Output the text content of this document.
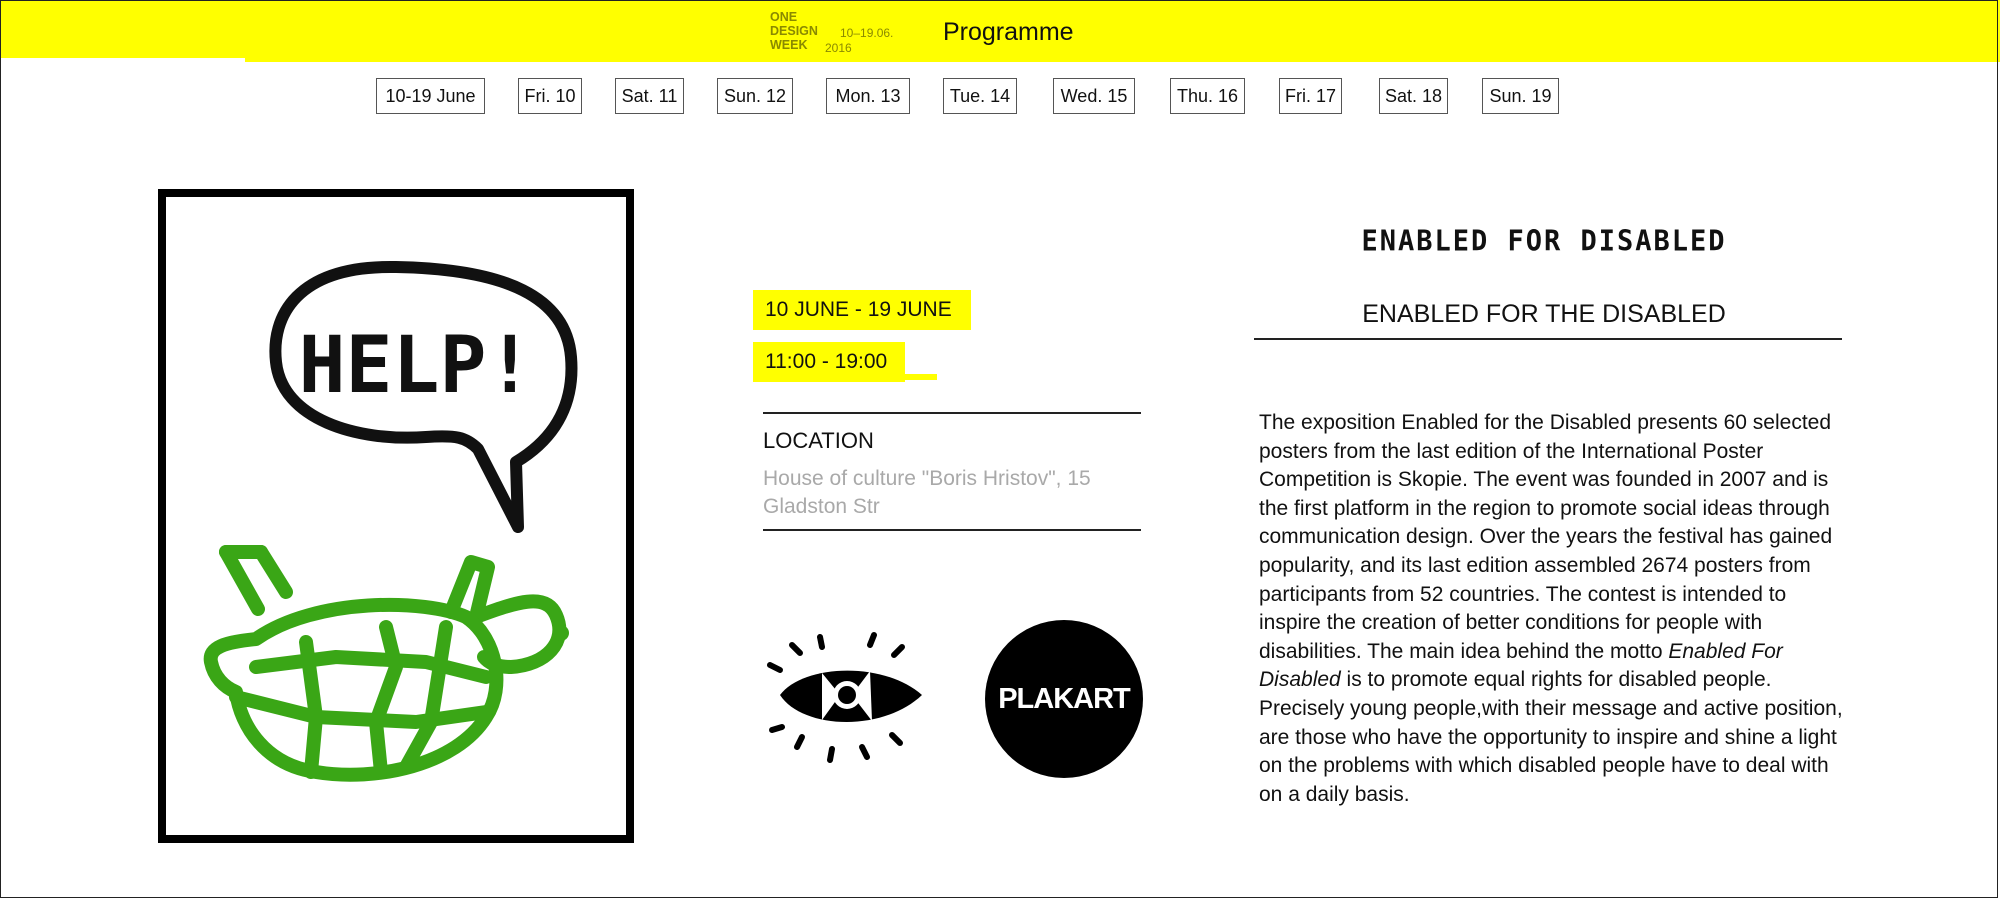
ONE
DESIGN
WEEK
10–19.06.
2016
Programme
10-19 June	Fri. 10	Sat. 11	Sun. 12	Mon. 13	Tue. 14	Wed. 15	Thu. 16	Fri. 17	Sat. 18	Sun. 19
HELP!
10 JUNE - 19 JUNE
11:00 - 19:00
LOCATION
House of culture "Boris Hristov", 15 Gladston Str
PLAKART
ENABLED FOR DISABLED
ENABLED FOR THE DISABLED

The exposition Enabled for the Disabled presents 60 selected posters from the last edition of the International Poster Competition is Skopie. The event was founded in 2007 and is the first platform in the region to promote social ideas through communication design. Over the years the festival has gained popularity, and its last edition assembled 2674 posters from participants from 52 countries. The contest is intended to inspire the creation of better conditions for people with disabilities. The main idea behind the motto Enabled For Disabled is to promote equal rights for disabled people. Precisely young people,with their message and active position, are those who have the opportunity to inspire and shine a light on the problems with which disabled people have to deal with on a daily basis.
